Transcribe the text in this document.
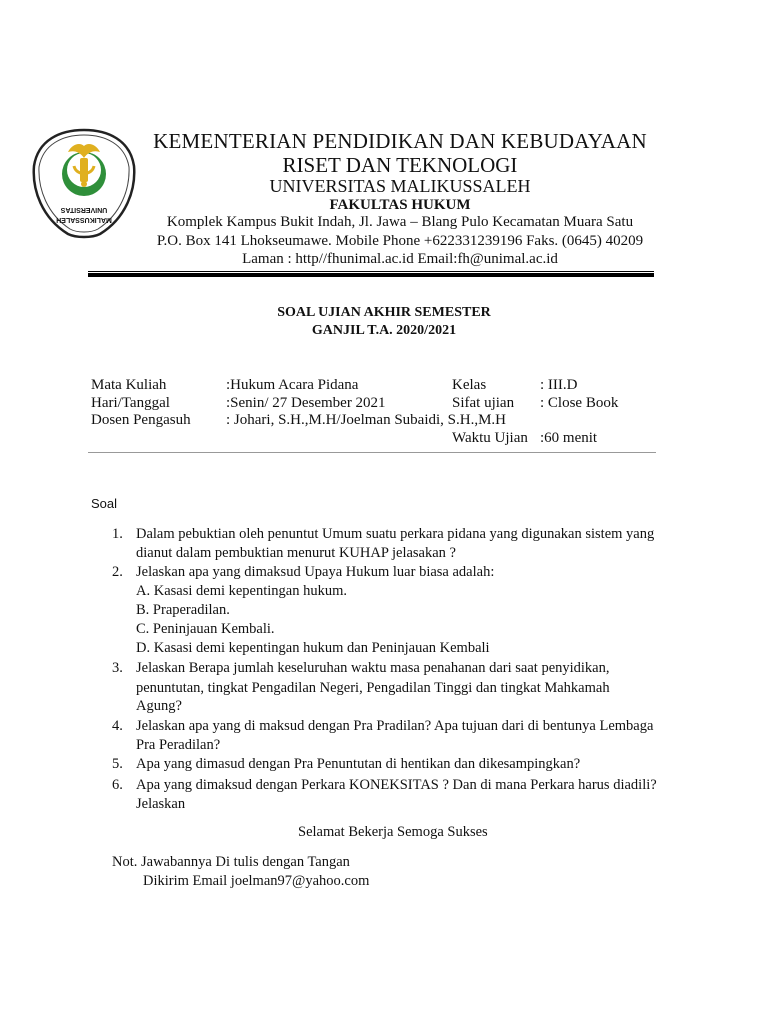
UNIVERSITAS
MALIKUSSALEH
KEMENTERIAN PENDIDIKAN DAN KEBUDAYAAN
RISET DAN TEKNOLOGI
UNIVERSITAS MALIKUSSALEH
FAKULTAS HUKUM
Komplek Kampus Bukit Indah, Jl. Jawa – Blang Pulo Kecamatan Muara Satu
P.O. Box 141 Lhokseumawe. Mobile Phone +622331239196 Faks. (0645) 40209
Laman : http//fhunimal.ac.id Email:fh@unimal.ac.id
SOAL UJIAN AKHIR SEMESTER
GANJIL T.A. 2020/2021
Mata Kuliah	:Hukum Acara Pidana	Kelas	: III.D
Hari/Tanggal	:Senin/ 27 Desember 2021	Sifat ujian : Close Book
Dosen Pengasuh : Johari, S.H.,M.H/Joelman Subaidi, S.H.,M.H
Waktu Ujian :60 menit
Soal
1. Dalam pebuktian oleh penuntut Umum suatu perkara pidana yang digunakan sistem yang
dianut dalam pembuktian menurut KUHAP jelasakan ?
2. Jelaskan apa yang dimaksud Upaya Hukum luar biasa adalah:
A. Kasasi demi kepentingan hukum.
B. Praperadilan.
C. Peninjauan Kembali.
D. Kasasi demi kepentingan hukum dan Peninjauan Kembali
3. Jelaskan Berapa jumlah keseluruhan waktu masa penahanan dari saat penyidikan,
penuntutan, tingkat Pengadilan Negeri, Pengadilan Tinggi dan tingkat Mahkamah
Agung?
4. Jelaskan apa yang di maksud dengan Pra Pradilan? Apa tujuan dari di bentunya Lembaga
Pra Peradilan?
5. Apa yang dimasud dengan Pra Penuntutan di hentikan dan dikesampingkan?
6. Apa yang dimaksud dengan Perkara KONEKSITAS ? Dan di mana Perkara harus diadili?
Jelaskan
Selamat Bekerja Semoga Sukses
Not. Jawabannya Di tulis dengan Tangan
Dikirim Email joelman97@yahoo.com
